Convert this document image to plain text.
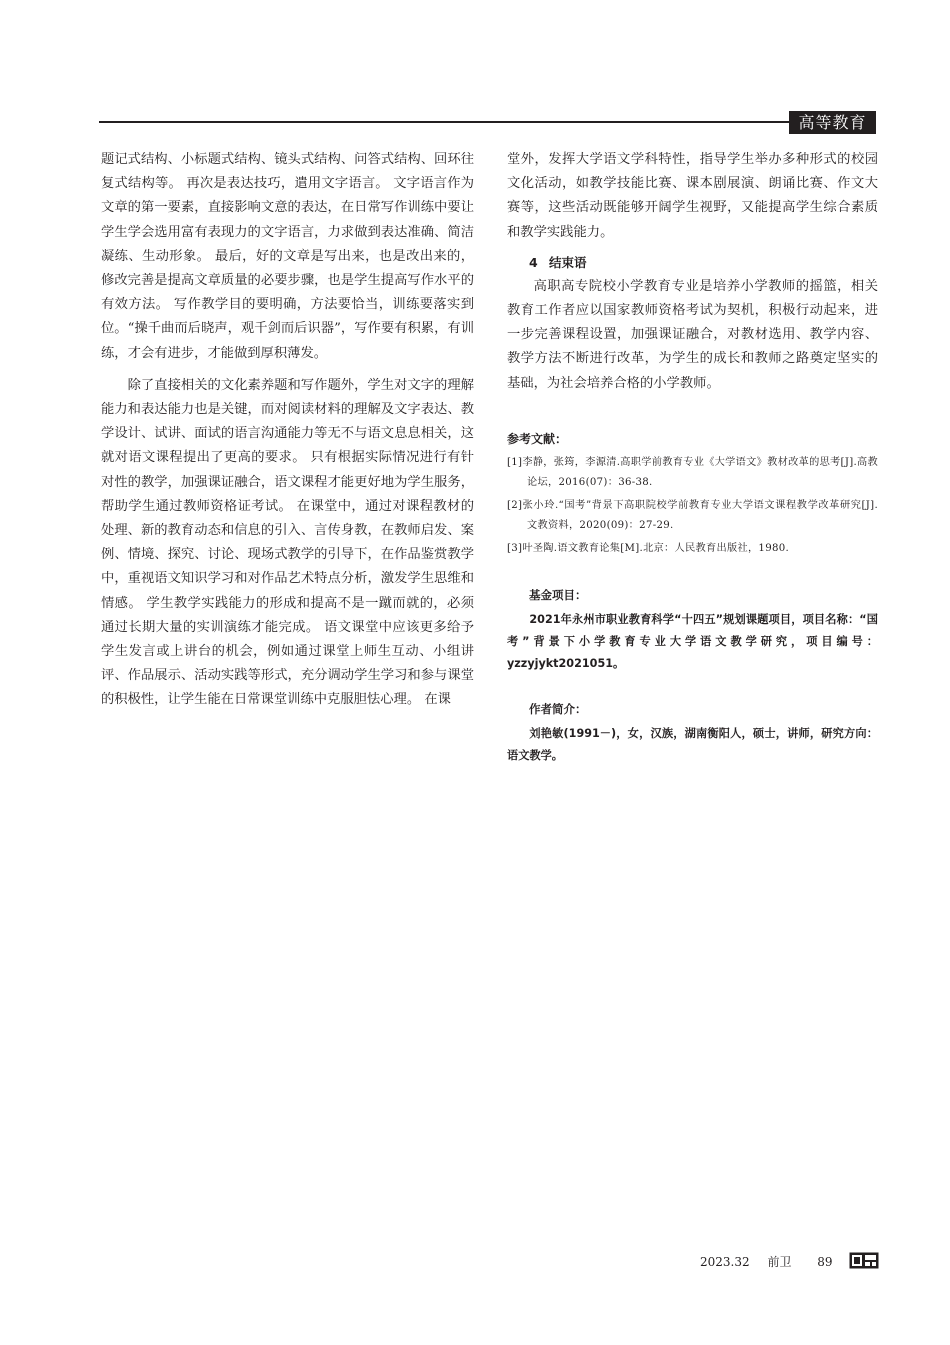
高等教育

题记式结构、小标题式结构、镜头式结构、问答式结构、回环往复式结构等。 再次是表达技巧，遣用文字语言。 文字语言作为文章的第一要素，直接影响文意的表达，在日常写作训练中要让学生学会选用富有表现力的文字语言，力求做到表达准确、简洁凝练、生动形象。 最后，好的文章是写出来，也是改出来的，修改完善是提高文章质量的必要步骤，也是学生提高写作水平的有效方法。 写作教学目的要明确，方法要恰当，训练要落实到位。“操千曲而后晓声，观千剑而后识器”，写作要有积累，有训练，才会有进步，才能做到厚积薄发。

除了直接相关的文化素养题和写作题外，学生对文字的理解能力和表达能力也是关键，而对阅读材料的理解及文字表达、教学设计、试讲、面试的语言沟通能力等无不与语文息息相关，这就对语文课程提出了更高的要求。 只有根据实际情况进行有针对性的教学，加强课证融合，语文课程才能更好地为学生服务，帮助学生通过教师资格证考试。 在课堂中，通过对课程教材的处理、新的教育动态和信息的引入、言传身教，在教师启发、案例、情境、探究、讨论、现场式教学的引导下，在作品鉴赏教学中，重视语文知识学习和对作品艺术特点分析，激发学生思维和情感。 学生教学实践能力的形成和提高不是一蹴而就的，必须通过长期大量的实训演练才能完成。 语文课堂中应该更多给予学生发言或上讲台的机会，例如通过课堂上师生互动、小组讲评、作品展示、活动实践等形式，充分调动学生学习和参与课堂的积极性，让学生能在日常课堂训练中克服胆怯心理。 在课

堂外，发挥大学语文学科特性，指导学生举办多种形式的校园文化活动，如教学技能比赛、课本剧展演、朗诵比赛、作文大赛等，这些活动既能够开阔学生视野，又能提高学生综合素质和教学实践能力。

4 结束语

高职高专院校小学教育专业是培养小学教师的摇篮，相关教育工作者应以国家教师资格考试为契机，积极行动起来，进一步完善课程设置，加强课证融合，对教材选用、教学内容、教学方法不断进行改革，为学生的成长和教师之路奠定坚实的基础，为社会培养合格的小学教师。

参考文献：
[1]李静，张筠，李源清.高职学前教育专业《大学语文》教材改革的思考[J].高教论坛，2016(07)：36-38.
[2]张小玲.“国考”背景下高职院校学前教育专业大学语文课程教学改革研究[J].文教资料，2020(09)：27-29.
[3]叶圣陶.语文教育论集[M].北京：人民教育出版社，1980.
基金项目：

2021年永州市职业教育科学“十四五”规划课题项目，项目名称：“国考”背景下小学教育专业大学语文教学研究，项目编号：yzzyjykt2021051。

作者简介：

刘艳敏(1991－)，女，汉族，湖南衡阳人，硕士，讲师，研究方向：语文教学。

2023.32 前卫 89
